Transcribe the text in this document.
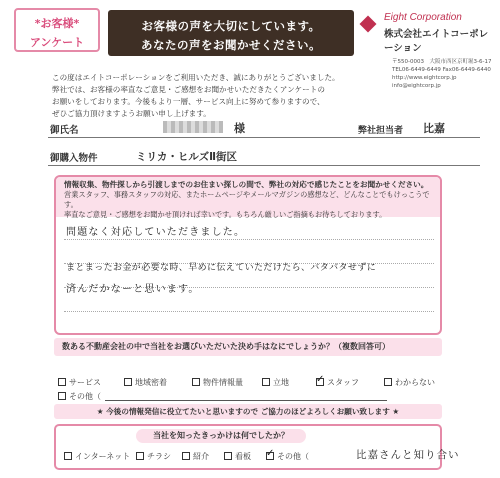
*お客様*
アンケート
お客様の声を大切にしています。
あなたの声をお聞かせください。
Eight Corporation
株式会社エイトコーポレーション
〒550-0003　大阪市西区京町堀3-6-17
TEL06-6449-6449 Fax06-6449-6440
http://www.eightcorp.jp
info@eightcorp.jp
この度はエイトコーポレーションをご利用いただき、誠にありがとうございました。
弊社では、お客様の率直なご意見・ご感想をお聞かせいただきたくアンケートの
お願いをしております。今後もより一層、サービス向上に努めて参りますので、
ぜひご協力頂けますようお願い申し上げます。
御氏名	様	弊社担当者 比嘉
御購入物件	ミリカ・ヒルズⅡ街区
情報収集、物件探しから引渡しまでのお住まい探しの間で、弊社の対応で感じたことをお聞かせください。
営業スタッフ、事務スタッフの対応、またホームページやメールマガジンの感想など、どんなことでもけっこうです。
率直なご意見・ご感想をお聞かせ頂ければ幸いです。もちろん厳しいご指摘もお待ちしております。
問題なく対応していただきました。
まとまったお金が必要な時、早めに伝えていただけたら、バタバタせずに
済んだかなーと思います。
数ある不動産会社の中で当社をお選びいただいた決め手はなにでしょうか？（複数回答可）
サービス	地域密着	物件情報量	立地 ✓	スタッフ	わからない
その他（
★ 今後の情報発信に役立てたいと思いますので ご協力のほどよろしくお願い致します ★
当社を知ったきっかけは何でしたか？
インターネット	チラシ	紹介	看板 ✓	その他（	比嘉さんと知り合い
